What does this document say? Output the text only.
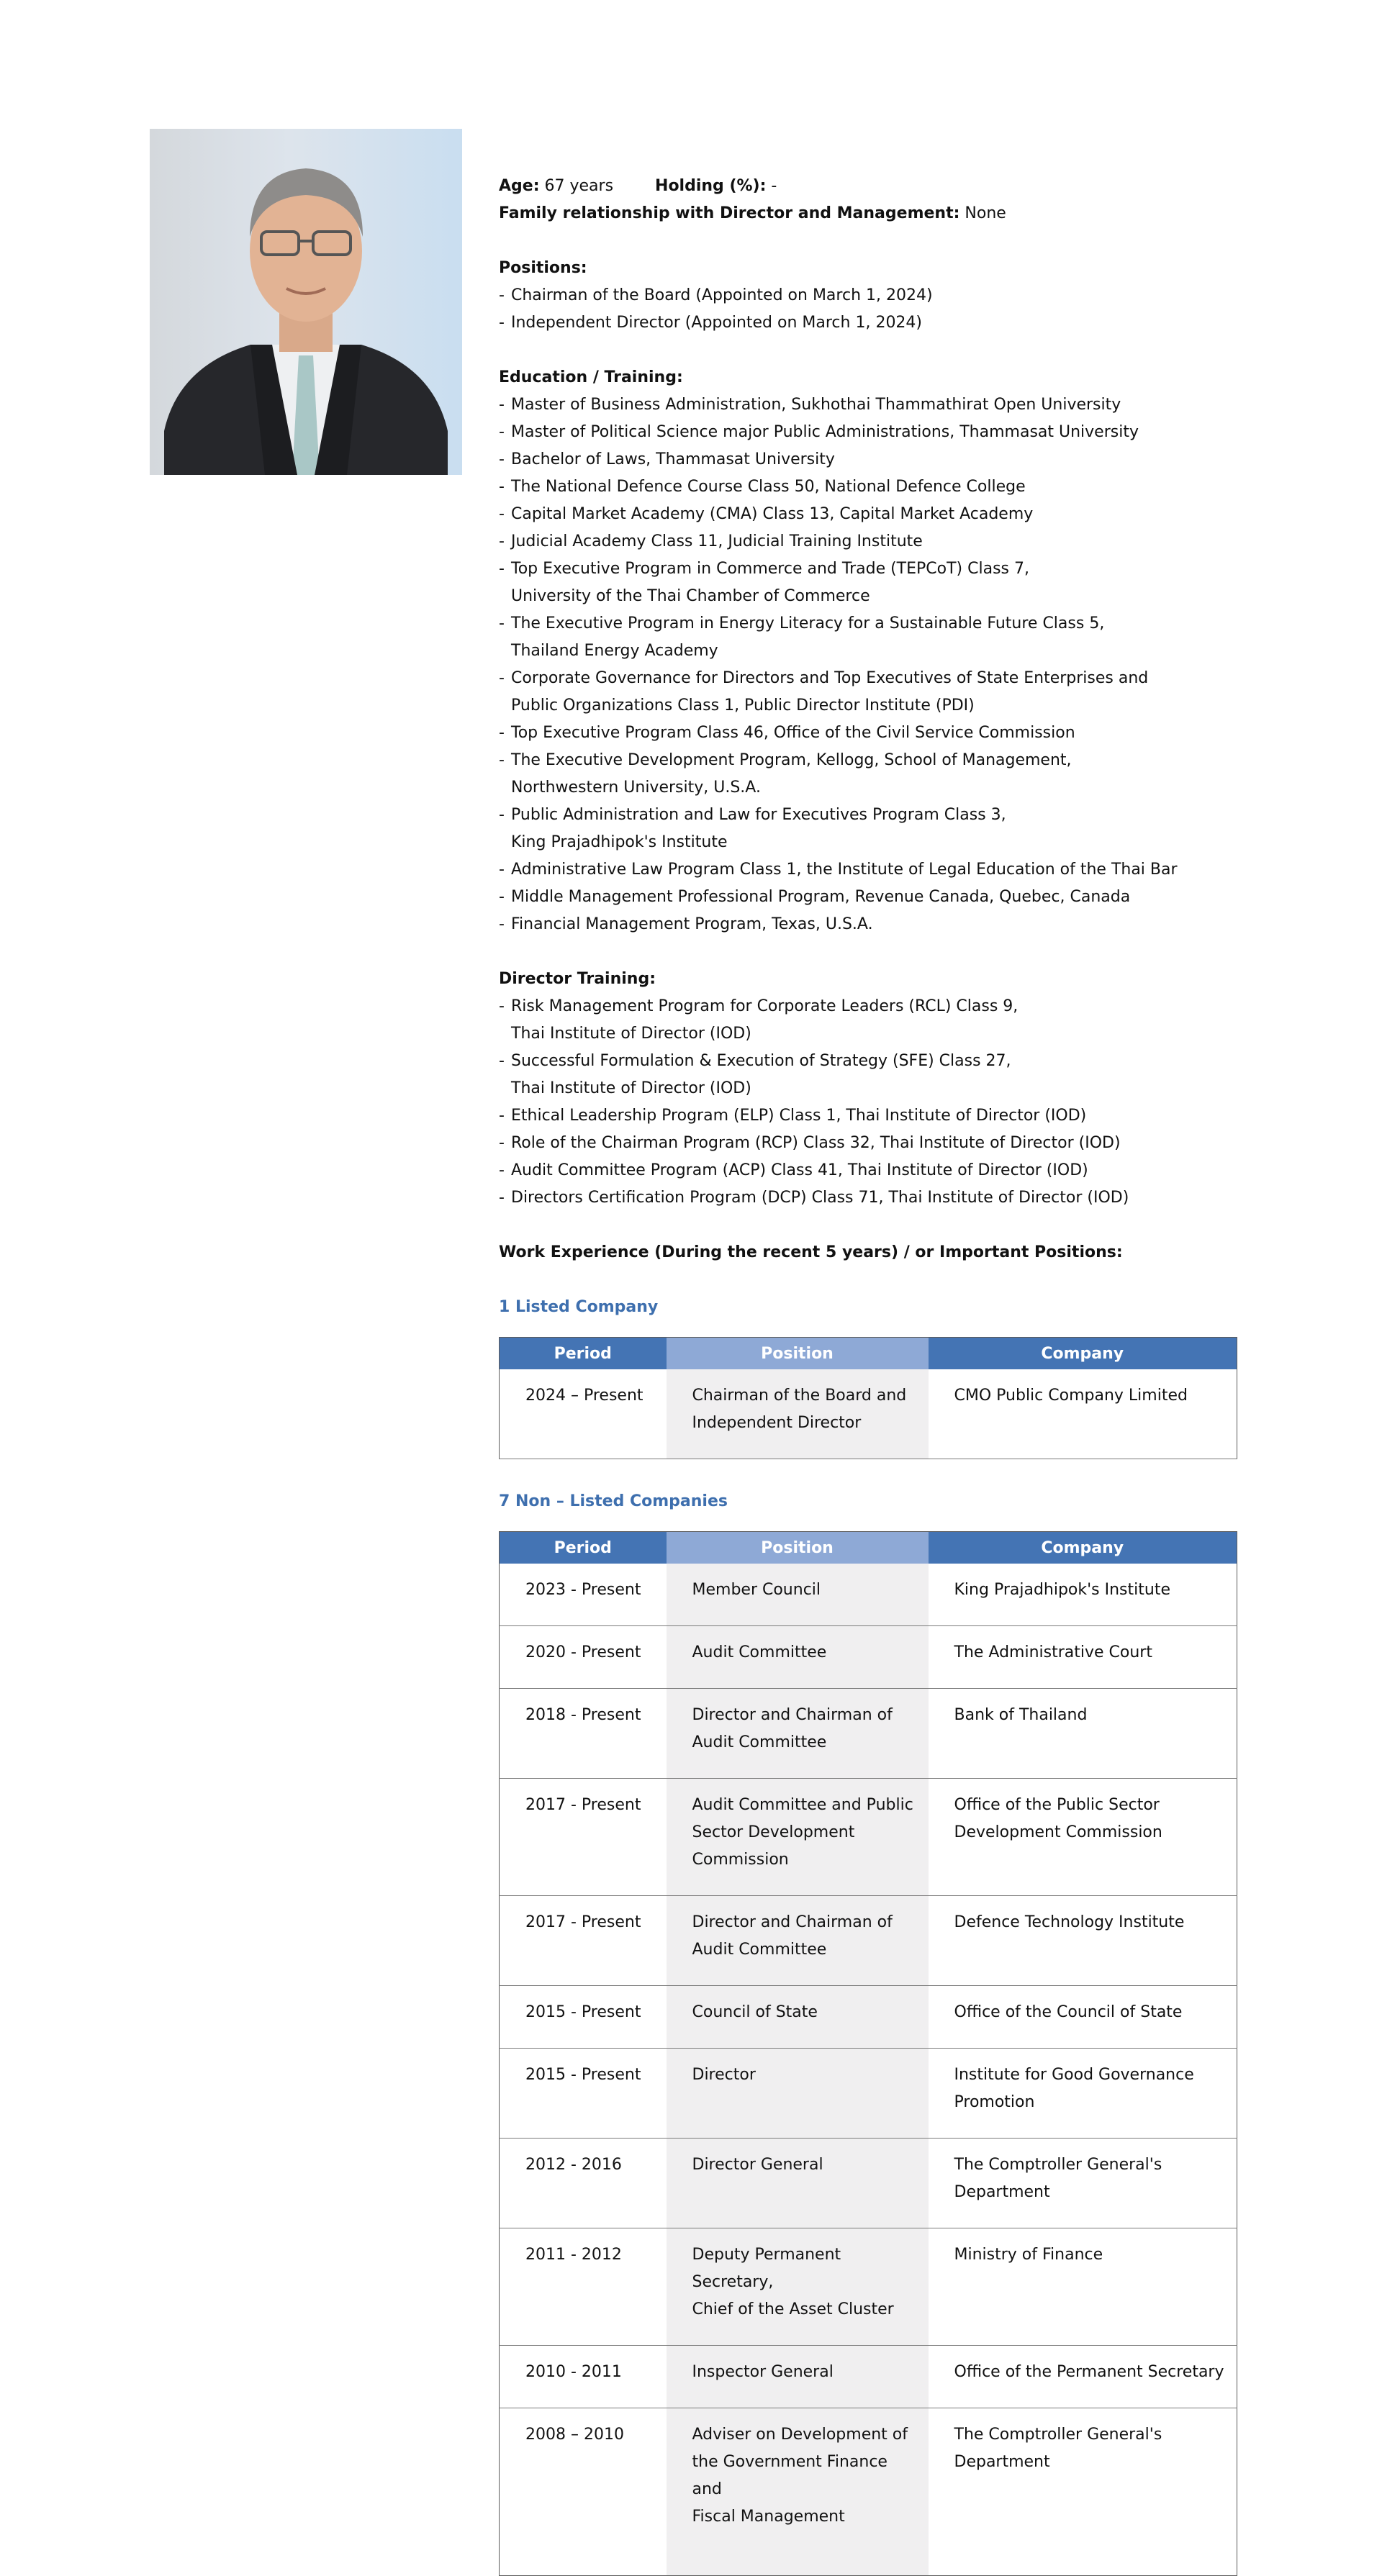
Age: 67 years	Holding (%): -
Family relationship with Director and Management: None
Positions:
- Chairman of the Board (Appointed on March 1, 2024)
- Independent Director (Appointed on March 1, 2024)
Education / Training:
- Master of Business Administration, Sukhothai Thammathirat Open University
- Master of Political Science major Public Administrations, Thammasat University
- Bachelor of Laws, Thammasat University
- The National Defence Course Class 50, National Defence College
- Capital Market Academy (CMA) Class 13, Capital Market Academy
- Judicial Academy Class 11, Judicial Training Institute
- Top Executive Program in Commerce and Trade (TEPCoT) Class 7,
University of the Thai Chamber of Commerce
- The Executive Program in Energy Literacy for a Sustainable Future Class 5,
Thailand Energy Academy
- Corporate Governance for Directors and Top Executives of State Enterprises and
Public Organizations Class 1, Public Director Institute (PDI)
- Top Executive Program Class 46, Office of the Civil Service Commission
- The Executive Development Program, Kellogg, School of Management,
Northwestern University, U.S.A.
- Public Administration and Law for Executives Program Class 3,
King Prajadhipok's Institute
- Administrative Law Program Class 1, the Institute of Legal Education of the Thai Bar
- Middle Management Professional Program, Revenue Canada, Quebec, Canada
- Financial Management Program, Texas, U.S.A.
Director Training:
- Risk Management Program for Corporate Leaders (RCL) Class 9,
Thai Institute of Director (IOD)
- Successful Formulation & Execution of Strategy (SFE) Class 27,
Thai Institute of Director (IOD)
- Ethical Leadership Program (ELP) Class 1, Thai Institute of Director (IOD)
- Role of the Chairman Program (RCP) Class 32, Thai Institute of Director (IOD)
- Audit Committee Program (ACP) Class 41, Thai Institute of Director (IOD)
- Directors Certification Program (DCP) Class 71, Thai Institute of Director (IOD)
Work Experience (During the recent 5 years) / or Important Positions:
1 Listed Company
Period	Position	Company
2024 – Present	Chairman of the Board and
Independent Director	CMO Public Company Limited
7 Non – Listed Companies
Period	Position	Company
2023 - Present	Member Council	King Prajadhipok's Institute
2020 - Present	Audit Committee	The Administrative Court
2018 - Present	Director and Chairman of
Audit Committee	Bank of Thailand
2017 - Present	Audit Committee and Public
Sector Development
Commission	Office of the Public Sector
Development Commission
2017 - Present	Director and Chairman of
Audit Committee	Defence Technology Institute
2015 - Present	Council of State	Office of the Council of State
2015 - Present	Director	Institute for Good Governance
Promotion
2012 - 2016	Director General	The Comptroller General's Department
2011 - 2012	Deputy Permanent Secretary,
Chief of the Asset Cluster	Ministry of Finance
2010 - 2011	Inspector General	Office of the Permanent Secretary
2008 – 2010	Adviser on Development of
the Government Finance and
Fiscal Management	The Comptroller General's
Department
